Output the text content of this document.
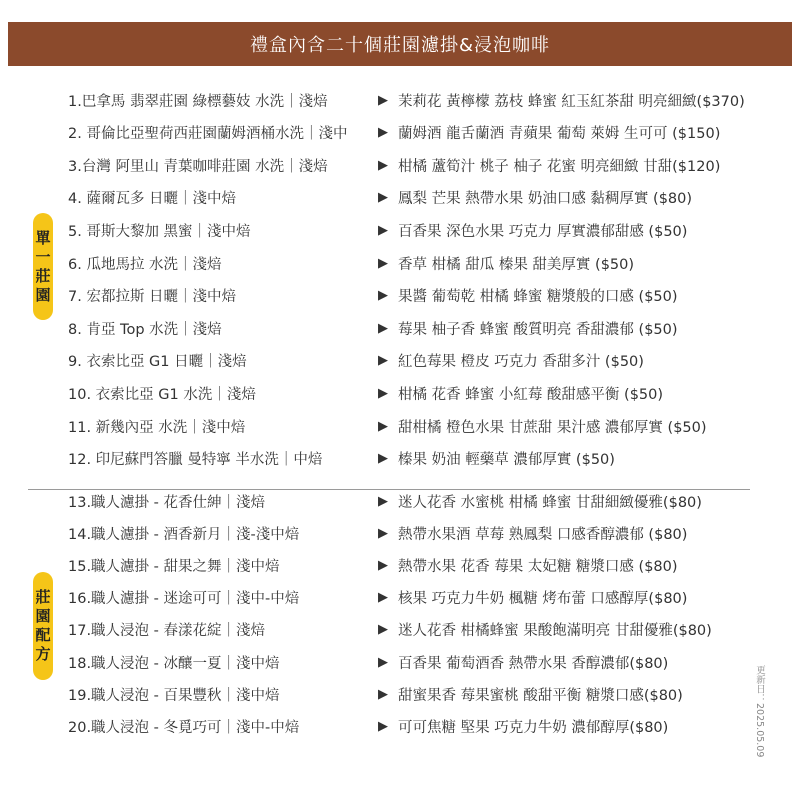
禮盒內含二十個莊園濾掛&浸泡咖啡
單
一
莊
園
1.巴拿馬 翡翠莊園 綠標藝妓 水洗｜淺焙	▶ 茉莉花 黃檸檬 荔枝 蜂蜜 紅玉紅茶甜 明亮細緻($370)
2. 哥倫比亞聖荷西莊園蘭姆酒桶水洗｜淺中 ▶ 蘭姆酒 龍舌蘭酒 青蘋果 葡萄 萊姆 生可可 ($150)
3.台灣 阿里山 青葉咖啡莊園 水洗｜淺焙	▶ 柑橘 蘆筍汁 桃子 柚子 花蜜 明亮細緻 甘甜($120)
4. 薩爾瓦多 日曬｜淺中焙	▶ 鳳梨 芒果 熱帶水果 奶油口感 黏稠厚實 ($80)
5. 哥斯大黎加 黑蜜｜淺中焙	▶ 百香果 深色水果 巧克力 厚實濃郁甜感 ($50)
6. 瓜地馬拉 水洗｜淺焙	▶ 香草 柑橘 甜瓜 榛果 甜美厚實 ($50)
7. 宏都拉斯 日曬｜淺中焙	▶ 果醬 葡萄乾 柑橘 蜂蜜 糖漿般的口感 ($50)
8. 肯亞 Top 水洗｜淺焙	▶ 莓果 柚子香 蜂蜜 酸質明亮 香甜濃郁 ($50)
9. 衣索比亞 G1 日曬｜淺焙	▶ 紅色莓果 橙皮 巧克力 香甜多汁 ($50)
10. 衣索比亞 G1 水洗｜淺焙	▶ 柑橘 花香 蜂蜜 小紅莓 酸甜感平衡 ($50)
11. 新幾內亞 水洗｜淺中焙	▶ 甜柑橘 橙色水果 甘蔗甜 果汁感 濃郁厚實 ($50)
12. 印尼蘇門答臘 曼特寧 半水洗｜中焙	▶ 榛果 奶油 輕藥草 濃郁厚實 ($50)
莊
園
配
方
13.職人濾掛 - 花香仕紳｜淺焙	▶ 迷人花香 水蜜桃 柑橘 蜂蜜 甘甜細緻優雅($80)
14.職人濾掛 - 酒香新月｜淺-淺中焙	▶ 熱帶水果酒 草莓 熟鳳梨 口感香醇濃郁 ($80)
15.職人濾掛 - 甜果之舞｜淺中焙	▶ 熱帶水果 花香 莓果 太妃糖 糖漿口感 ($80)
16.職人濾掛 - 迷途可可｜淺中-中焙	▶ 核果 巧克力牛奶 楓糖 烤布蕾 口感醇厚($80)
17.職人浸泡 - 春漾花綻｜淺焙	▶ 迷人花香 柑橘蜂蜜 果酸飽滿明亮 甘甜優雅($80)
18.職人浸泡 - 冰釀一夏｜淺中焙	▶ 百香果 葡萄酒香 熱帶水果 香醇濃郁($80)
19.職人浸泡 - 百果豐秋｜淺中焙	▶ 甜蜜果香 莓果蜜桃 酸甜平衡 糖漿口感($80)
20.職人浸泡 - 冬覓巧可｜淺中-中焙	▶ 可可焦糖 堅果 巧克力牛奶 濃郁醇厚($80)	更新日：2025.05.09
